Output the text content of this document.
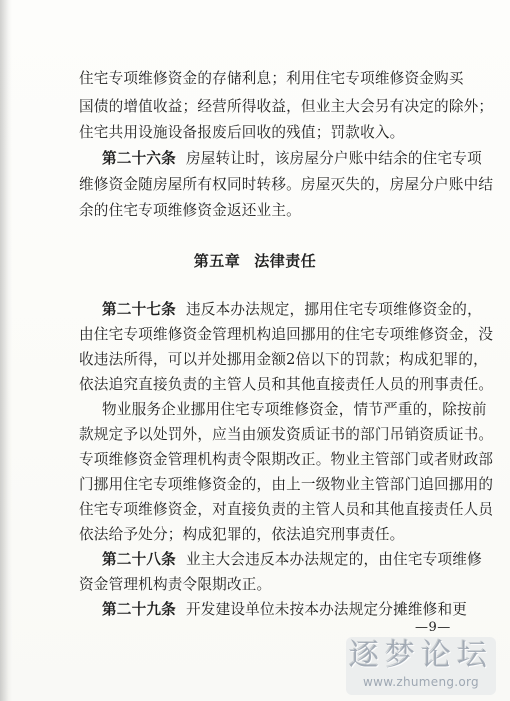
住宅专项维修资金的存储利息；利用住宅专项维修资金购买
国债的增值收益；经营所得收益，但业主大会另有决定的除外；
住宅共用设施设备报废后回收的残值；罚款收入。
第二十六条 房屋转让时，该房屋分户账中结余的住宅专项
维修资金随房屋所有权同时转移。房屋灭失的，房屋分户账中结
余的住宅专项维修资金返还业主。
第五章 法律责任
第二十七条 违反本办法规定，挪用住宅专项维修资金的，
由住宅专项维修资金管理机构追回挪用的住宅专项维修资金，没
收违法所得，可以并处挪用金额2倍以下的罚款；构成犯罪的，
依法追究直接负责的主管人员和其他直接责任人员的刑事责任。
物业服务企业挪用住宅专项维修资金，情节严重的，除按前
款规定予以处罚外，应当由颁发资质证书的部门吊销资质证书。
专项维修资金管理机构责令限期改正。物业主管部门或者财政部
门挪用住宅专项维修资金的，由上一级物业主管部门追回挪用的
住宅专项维修资金，对直接负责的主管人员和其他直接责任人员
依法给予处分；构成犯罪的，依法追究刑事责任。
第二十八条 业主大会违反本办法规定的，由住宅专项维修
资金管理机构责令限期改正。
第二十九条 开发建设单位未按本办法规定分摊维修和更
—9—
逐梦论坛
www.zhumeng.org
